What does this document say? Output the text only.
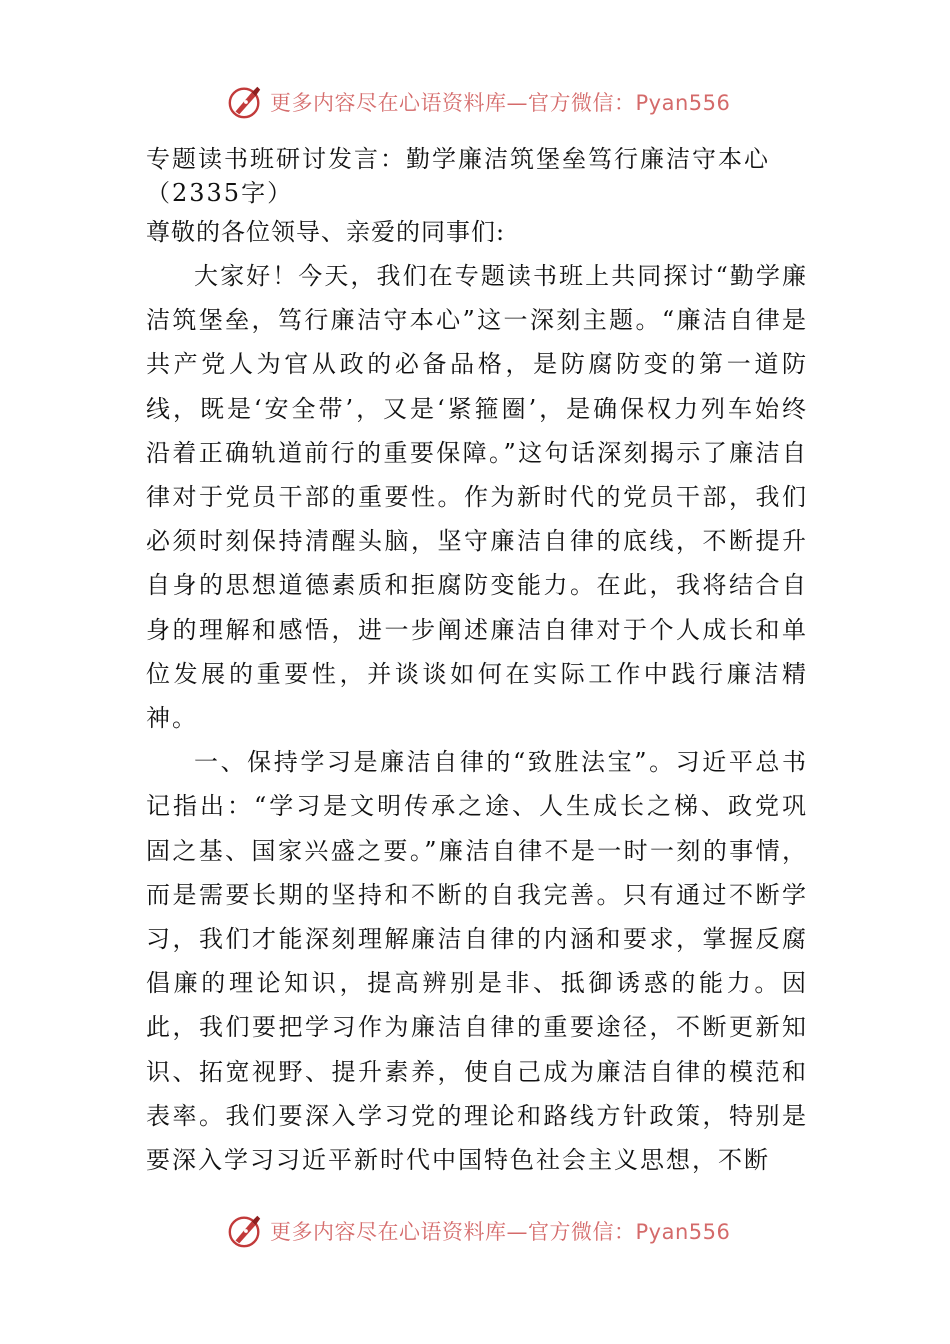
更多内容尽在心语资料库—官方微信：Pyan556

专题读书班研讨发言：勤学廉洁筑堡垒笃行廉洁守本心（2335字）

尊敬的各位领导、亲爱的同事们:

大家好！今天，我们在专题读书班上共同探讨“勤学廉洁筑堡垒，笃行廉洁守本心”这一深刻主题。“廉洁自律是共产党人为官从政的必备品格，是防腐防变的第一道防线，既是‘安全带’，又是‘紧箍圈’，是确保权力列车始终沿着正确轨道前行的重要保障。”这句话深刻揭示了廉洁自律对于党员干部的重要性。作为新时代的党员干部，我们必须时刻保持清醒头脑，坚守廉洁自律的底线，不断提升自身的思想道德素质和拒腐防变能力。在此，我将结合自身的理解和感悟，进一步阐述廉洁自律对于个人成长和单位发展的重要性，并谈谈如何在实际工作中践行廉洁精神。

一、保持学习是廉洁自律的“致胜法宝”。习近平总书记指出：“学习是文明传承之途、人生成长之梯、政党巩固之基、国家兴盛之要。”廉洁自律不是一时一刻的事情，而是需要长期的坚持和不断的自我完善。只有通过不断学习，我们才能深刻理解廉洁自律的内涵和要求，掌握反腐倡廉的理论知识，提高辨别是非、抵御诱惑的能力。因此，我们要把学习作为廉洁自律的重要途径，不断更新知识、拓宽视野、提升素养，使自己成为廉洁自律的模范和表率。我们要深入学习党的理论和路线方针政策，特别是要深入学习习近平新时代中国特色社会主义思想，不断

更多内容尽在心语资料库—官方微信：Pyan556
